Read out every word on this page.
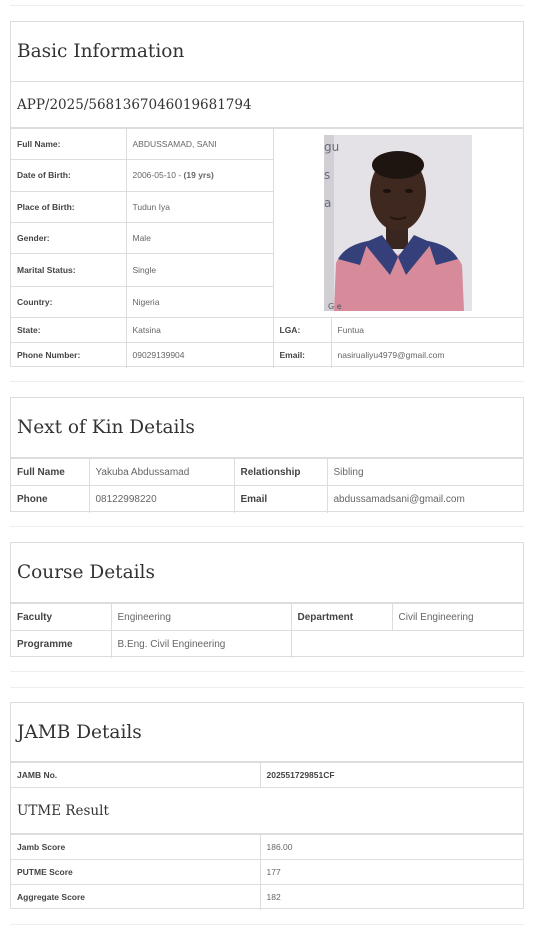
Basic Information
APP/2025/5681367046019681794
Full Name:	ABDUSSAMAD, SANI	gu
s
a
G e	

Date of Birth:	2006-05-10 - (19 yrs)		
Place of Birth:	Tudun Iya		
Gender:	Male		
Marital Status:	Single		
Country:	Nigeria		
State:	Katsina	LGA:	Funtua
Phone Number:	09029139904	Email:	nasirualiyu4979@gmail.com
Next of Kin Details
Full Name	Yakuba Abdussamad	Relationship	Sibling
Phone	08122998220	Email	abdussamadsani@gmail.com
Course Details
Faculty	Engineering	Department	Civil Engineering
Programme	B.Eng. Civil Engineering		
JAMB Details
JAMB No.	202551729851CF
UTME Result
Jamb Score	186.00
PUTME Score	177
Aggregate Score	182
